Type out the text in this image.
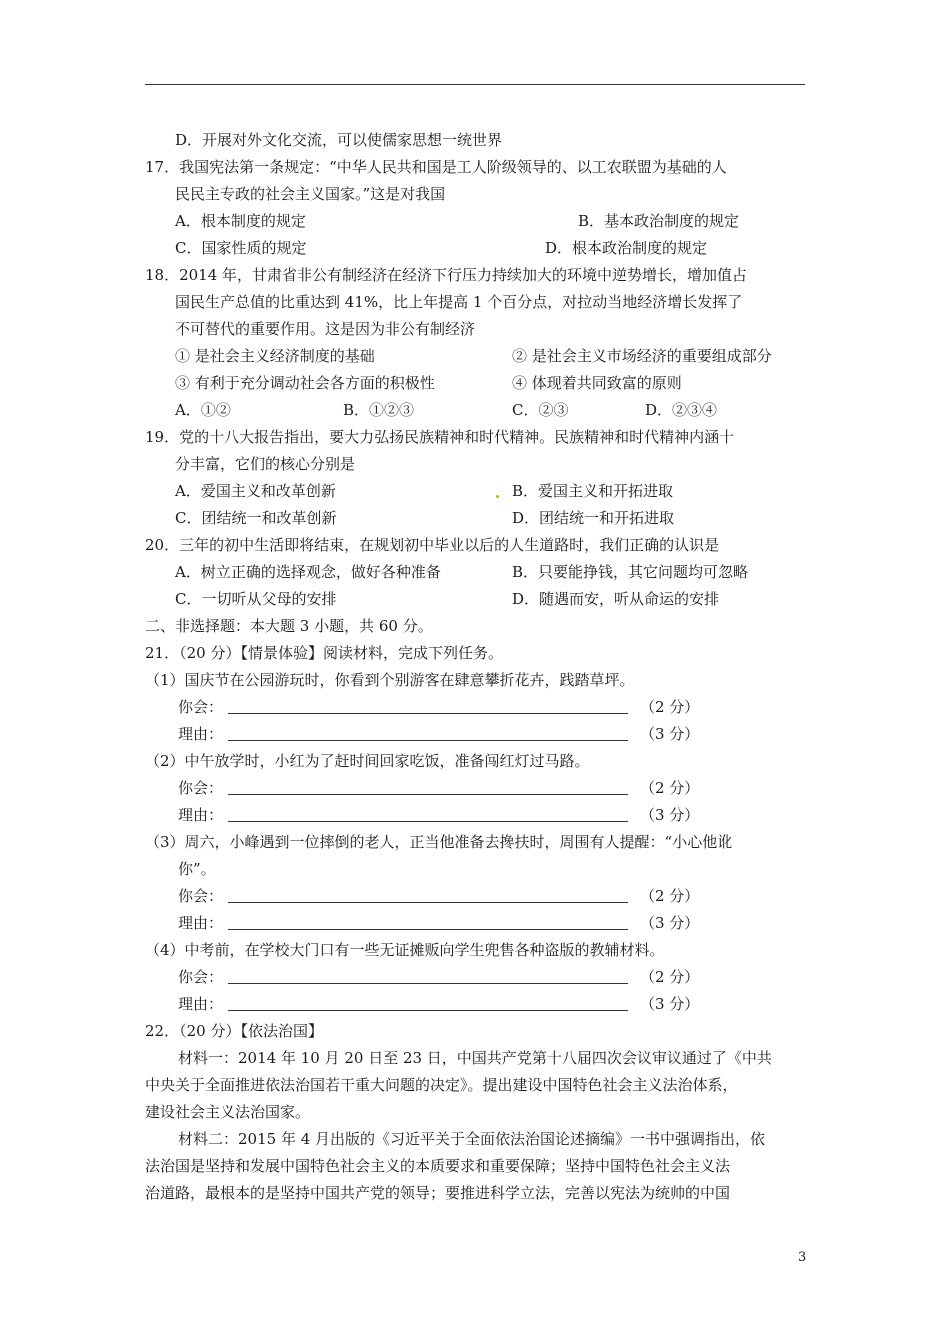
D．开展对外文化交流，可以使儒家思想一统世界
17．我国宪法第一条规定：“中华人民共和国是工人阶级领导的、以工农联盟为基础的人
民民主专政的社会主义国家。”这是对我国
A．根本制度的规定	B．基本政治制度的规定
C．国家性质的规定	D．根本政治制度的规定
18．2014 年，甘肃省非公有制经济在经济下行压力持续加大的环境中逆势增长，增加值占
国民生产总值的比重达到 41%，比上年提高 1 个百分点，对拉动当地经济增长发挥了
不可替代的重要作用。这是因为非公有制经济
① 是社会主义经济制度的基础	② 是社会主义市场经济的重要组成部分
③ 有利于充分调动社会各方面的积极性	④ 体现着共同致富的原则
A．①②	B．①②③	C．②③	D．②③④
19．党的十八大报告指出，要大力弘扬民族精神和时代精神。民族精神和时代精神内涵十
分丰富，它们的核心分别是
A．爱国主义和改革创新	B．爱国主义和开拓进取
C．团结统一和改革创新	D．团结统一和开拓进取
20．三年的初中生活即将结束，在规划初中毕业以后的人生道路时，我们正确的认识是
A．树立正确的选择观念，做好各种准备	B．只要能挣钱，其它问题均可忽略
C．一切听从父母的安排	D．随遇而安，听从命运的安排
二、非选择题：本大题 3 小题，共 60 分。
21．（20 分）【情景体验】阅读材料，完成下列任务。
（1）国庆节在公园游玩时，你看到个别游客在肆意攀折花卉，践踏草坪。
你会：	（2 分）
理由：	（3 分）
（2）中午放学时，小红为了赶时间回家吃饭，准备闯红灯过马路。
你会：	（2 分）
理由：	（3 分）
（3）周六，小峰遇到一位摔倒的老人，正当他准备去搀扶时，周围有人提醒：“小心他讹
你”。
你会：	（2 分）
理由：	（3 分）
（4）中考前，在学校大门口有一些无证摊贩向学生兜售各种盗版的教辅材料。
你会：	（2 分）
理由：	（3 分）
22．（20 分）【依法治国】
材料一：2014 年 10 月 20 日至 23 日，中国共产党第十八届四次会议审议通过了《中共
中央关于全面推进依法治国若干重大问题的决定》。提出建设中国特色社会主义法治体系，
建设社会主义法治国家。
材料二：2015 年 4 月出版的《习近平关于全面依法治国论述摘编》一书中强调指出，依
法治国是坚持和发展中国特色社会主义的本质要求和重要保障；坚持中国特色社会主义法
治道路，最根本的是坚持中国共产党的领导；要推进科学立法，完善以宪法为统帅的中国
3
